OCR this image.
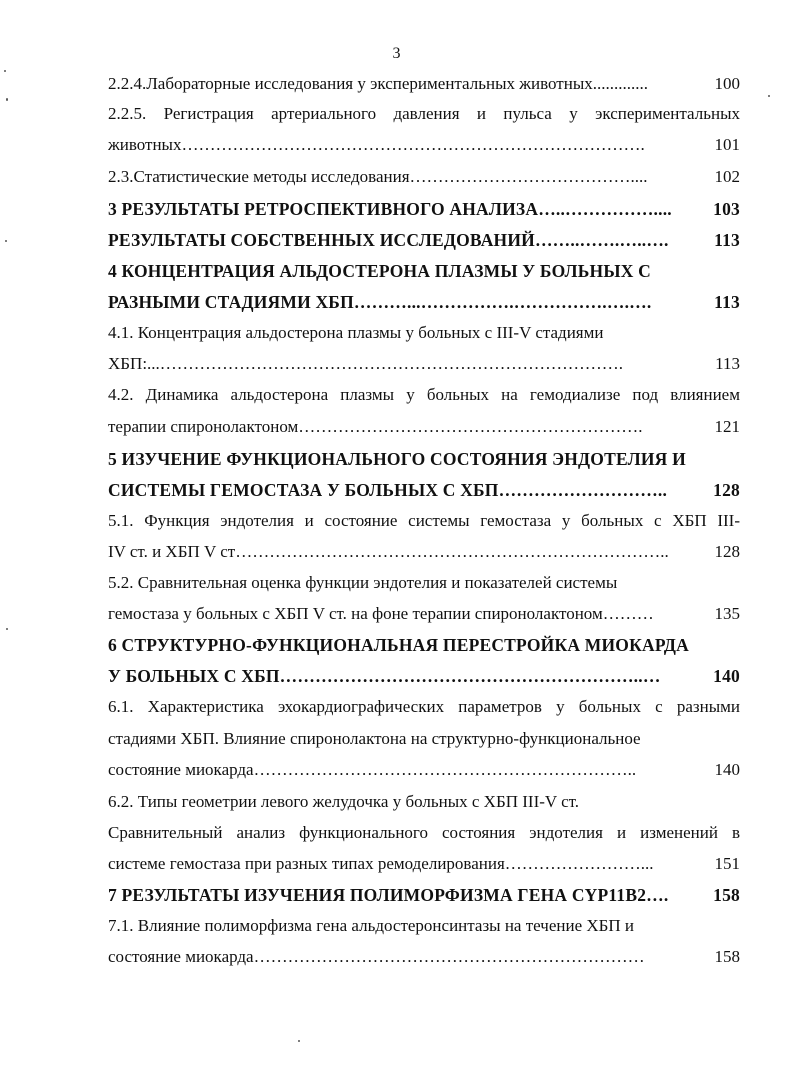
3
2.2.4.Лабораторные исследования у экспериментальных животных .............	100
2.2.5. Регистрация артериального давления и пульса у экспериментальных
животных ……………………………………………………………………….	101
2.3.Статистические методы исследования …………………………………....	102
3 РЕЗУЛЬТАТЫ РЕТРОСПЕКТИВНОГО АНАЛИЗА …..……………....	103
РЕЗУЛЬТАТЫ СОБСТВЕННЫХ ИССЛЕДОВАНИЙ ……..…….…..….	113
4 КОНЦЕНТРАЦИЯ АЛЬДОСТЕРОНА ПЛАЗМЫ У БОЛЬНЫХ С
РАЗНЫМИ СТАДИЯМИ ХБП ………...…………….…………….….….	113
4.1. Концентрация альдостерона плазмы у больных с III-V стадиями
ХБП: ...……………………………………………………………………….	113
4.2. Динамика альдостерона плазмы у больных на гемодиализе под влиянием
терапии спиронолактоном …………………………………………………….	121
5 ИЗУЧЕНИЕ ФУНКЦИОНАЛЬНОГО СОСТОЯНИЯ ЭНДОТЕЛИЯ И
СИСТЕМЫ ГЕМОСТАЗА У БОЛЬНЫХ С ХБП ………………………..	128
5.1. Функция эндотелия и состояние системы гемостаза у больных с ХБП III-
IV ст. и ХБП V ст …………………………………………………………………..	128
5.2. Сравнительная оценка функции эндотелия и показателей системы
гемостаза у больных с ХБП V ст. на фоне терапии спиронолактоном ………	135
6 СТРУКТУРНО-ФУНКЦИОНАЛЬНАЯ ПЕРЕСТРОЙКА МИОКАРДА
У БОЛЬНЫХ С ХБП ……………………………………………………..…	140
6.1. Характеристика эхокардиографических параметров у больных с разными
стадиями ХБП. Влияние спиронолактона на структурно-функциональное
состояние миокарда …………………………………………………………..	140
6.2. Типы геометрии левого желудочка у больных с ХБП III-V ст.
Сравнительный анализ функционального состояния эндотелия и изменений в
системе гемостаза при разных типах ремоделирования ……………………...	151
7 РЕЗУЛЬТАТЫ ИЗУЧЕНИЯ ПОЛИМОРФИЗМА ГЕНА CYP11B2 ….	158
7.1. Влияние полиморфизма гена альдостеронсинтазы на течение ХБП и
состояние миокарда ……………………………………………………………	158
